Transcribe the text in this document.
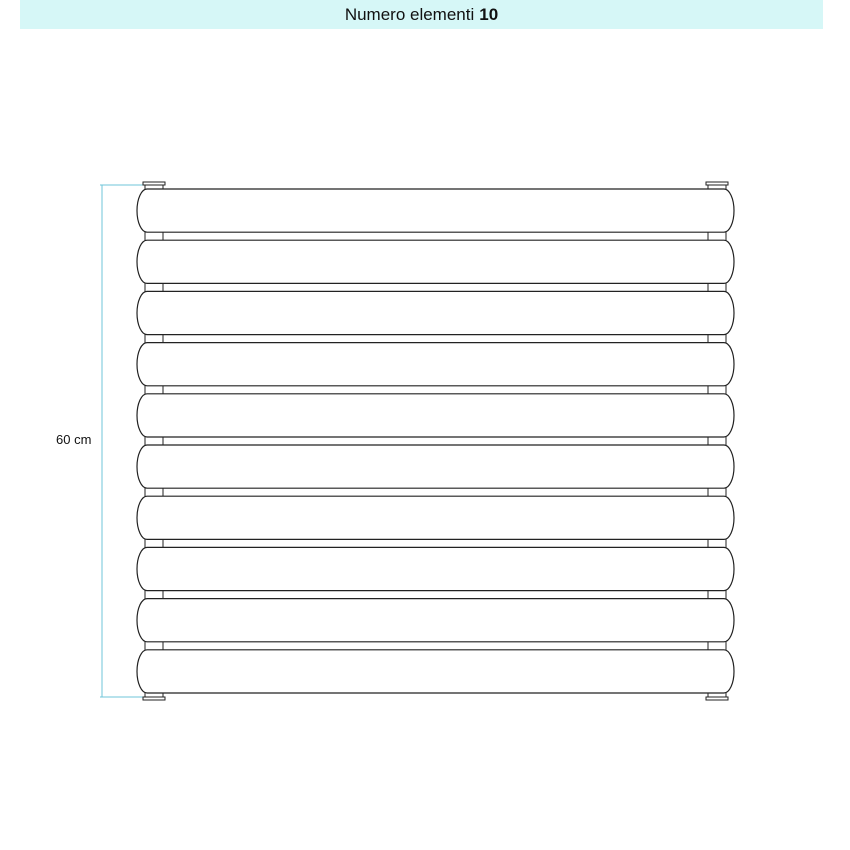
Numero elementi 10
60 cm
